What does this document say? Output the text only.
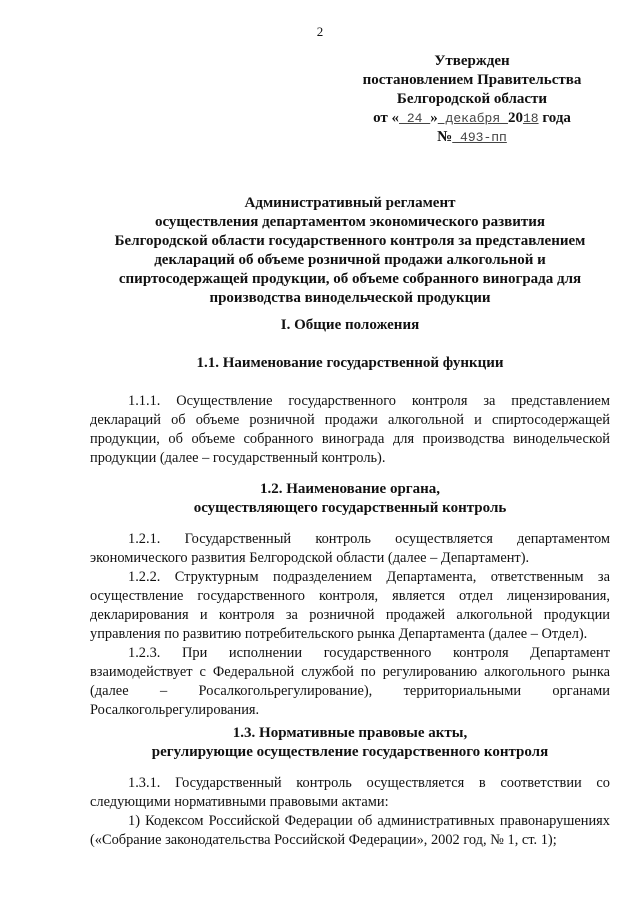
2
Утвержден
постановлением Правительства
Белгородской области
от « 24 » декабря 2018 года
№ 493-пп
Административный регламент
осуществления департаментом экономического развития
Белгородской области государственного контроля за представлением
деклараций об объеме розничной продажи алкогольной и
спиртосодержащей продукции, об объеме собранного винограда для
производства винодельческой продукции
I. Общие положения
1.1. Наименование государственной функции
1.1.1. Осуществление государственного контроля за представлением деклараций об объеме розничной продажи алкогольной и спиртосодержащей продукции, об объеме собранного винограда для производства винодельческой продукции (далее – государственный контроль).
1.2. Наименование органа,
осуществляющего государственный контроль
1.2.1. Государственный контроль осуществляется департаментом экономического развития Белгородской области (далее – Департамент).
1.2.2. Структурным подразделением Департамента, ответственным за осуществление государственного контроля, является отдел лицензирования, декларирования и контроля за розничной продажей алкогольной продукции управления по развитию потребительского рынка Департамента (далее – Отдел).
1.2.3. При исполнении государственного контроля Департамент взаимодействует с Федеральной службой по регулированию алкогольного рынка (далее – Росалкогольрегулирование), территориальными органами Росалкогольрегулирования.
1.3. Нормативные правовые акты,
регулирующие осуществление государственного контроля
1.3.1. Государственный контроль осуществляется в соответствии со следующими нормативными правовыми актами:
1) Кодексом Российской Федерации об административных правонарушениях («Собрание законодательства Российской Федерации», 2002 год, № 1, ст. 1);
